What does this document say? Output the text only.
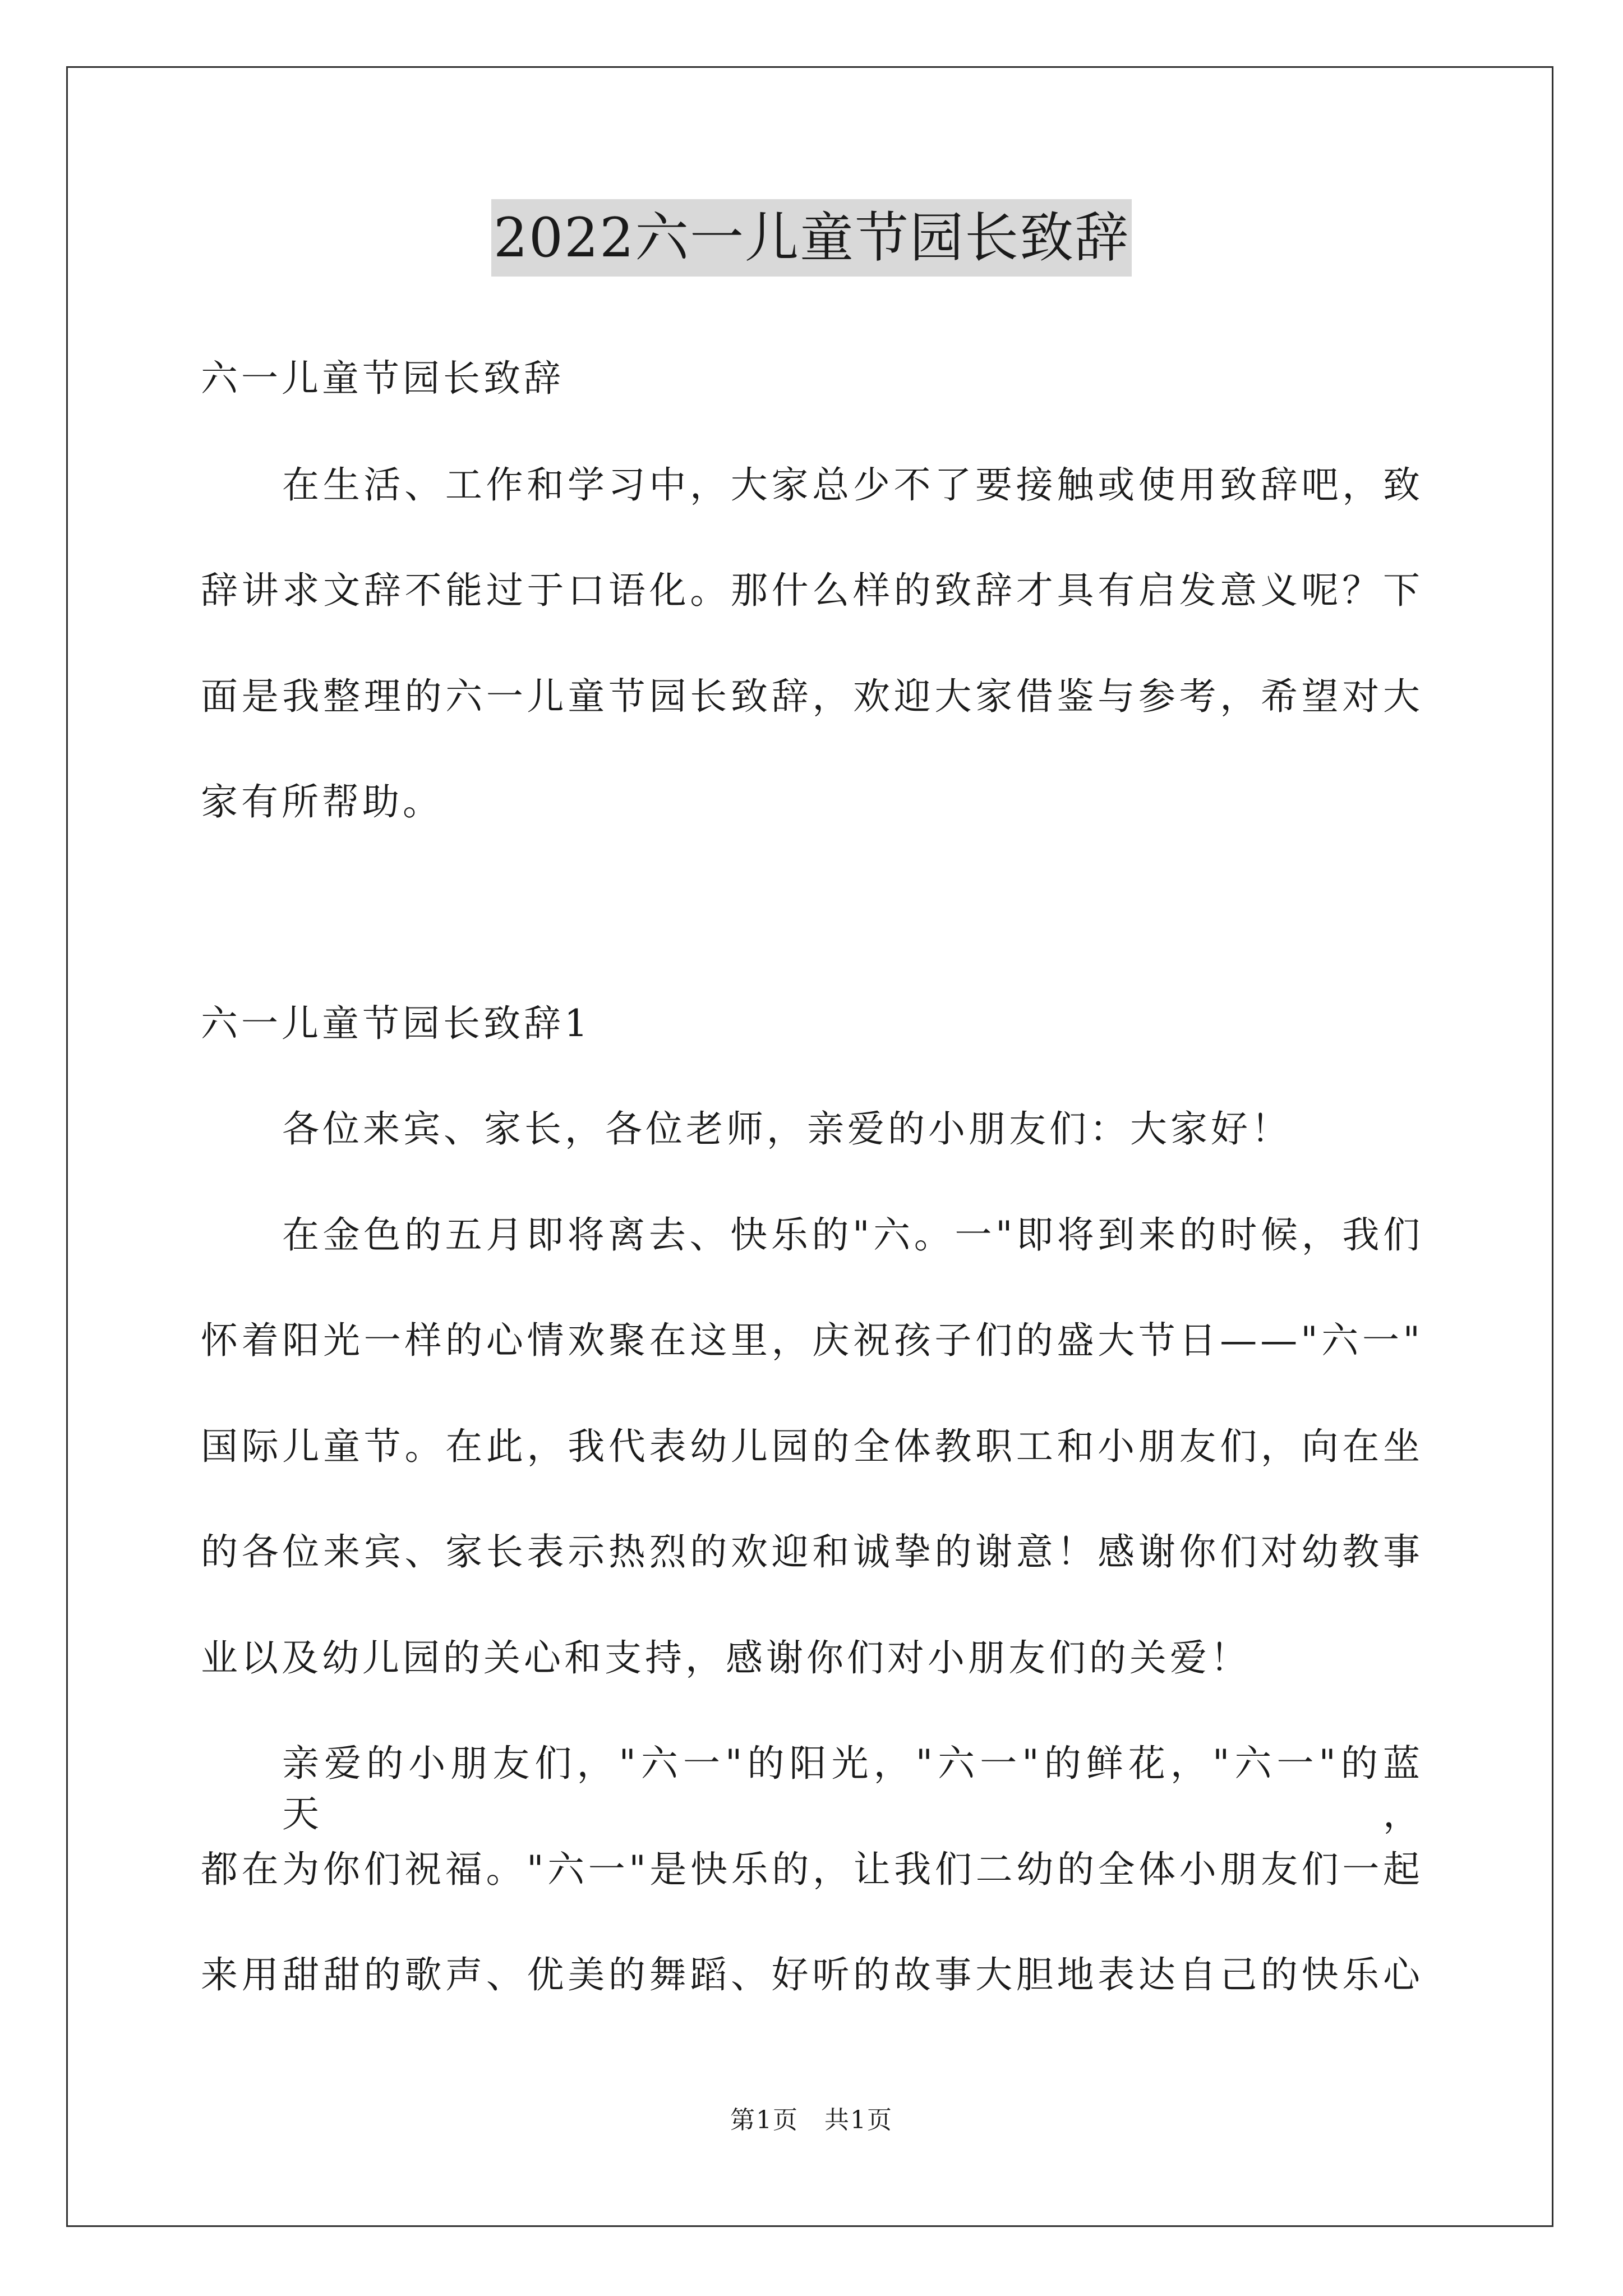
2022六一儿童节园长致辞
六一儿童节园长致辞
在生活、工作和学习中，大家总少不了要接触或使用致辞吧，致
辞讲求文辞不能过于口语化。那什么样的致辞才具有启发意义呢？下
面是我整理的六一儿童节园长致辞，欢迎大家借鉴与参考，希望对大
家有所帮助。
六一儿童节园长致辞1
各位来宾、家长，各位老师，亲爱的小朋友们：大家好！
在金色的五月即将离去、快乐的"六。一"即将到来的时候，我们
怀着阳光一样的心情欢聚在这里，庆祝孩子们的盛大节日——"六一"
国际儿童节。在此，我代表幼儿园的全体教职工和小朋友们，向在坐
的各位来宾、家长表示热烈的欢迎和诚挚的谢意！感谢你们对幼教事
业以及幼儿园的关心和支持，感谢你们对小朋友们的关爱！
亲爱的小朋友们，"六一"的阳光，"六一"的鲜花，"六一"的蓝天，
都在为你们祝福。"六一"是快乐的，让我们二幼的全体小朋友们一起
来用甜甜的歌声、优美的舞蹈、好听的故事大胆地表达自己的快乐心
第1页　共1页
